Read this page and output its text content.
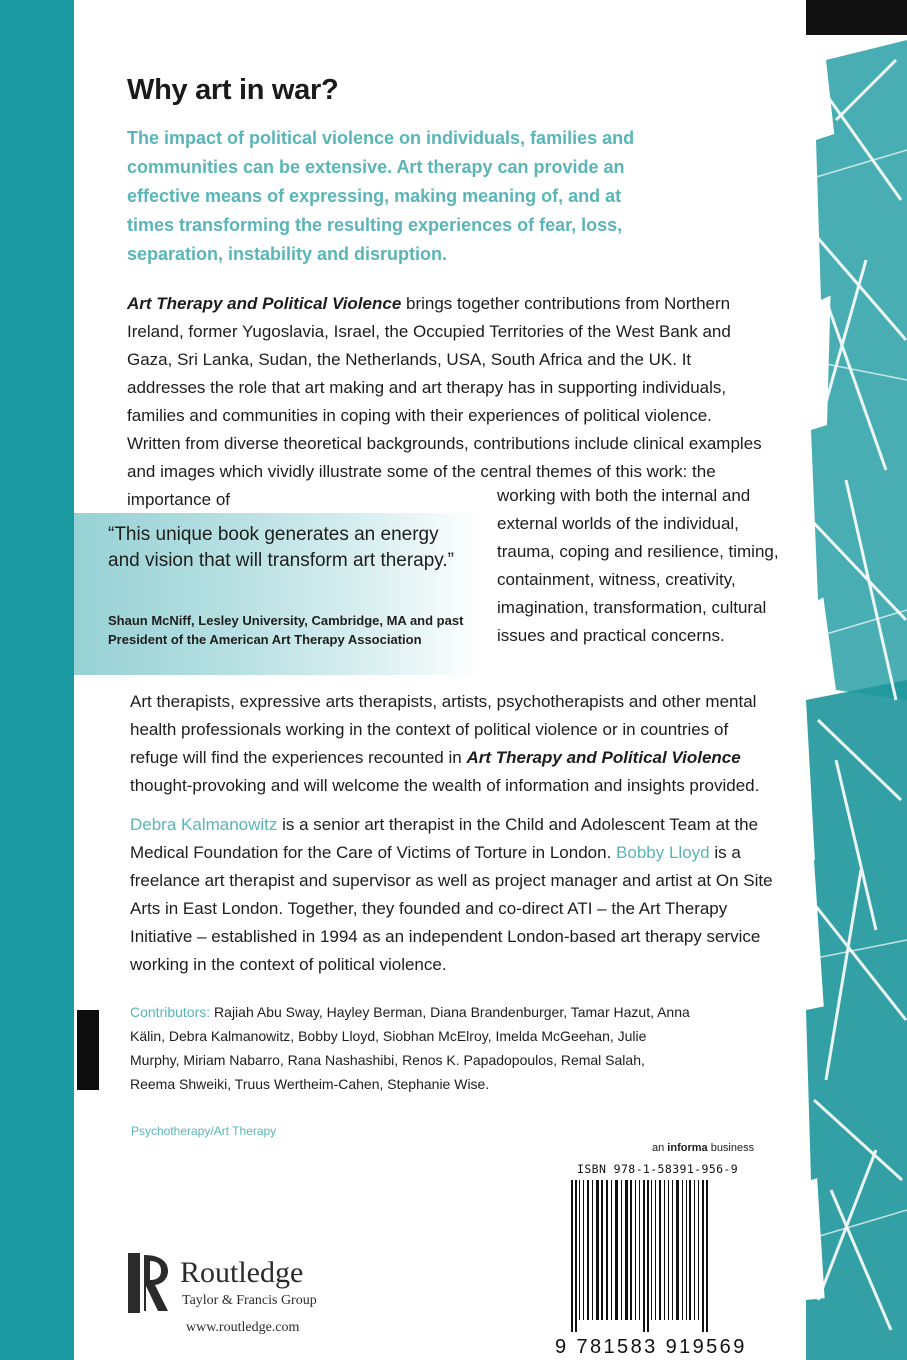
Why art in war?

The impact of political violence on individuals, families and communities can be extensive. Art therapy can provide an effective means of expressing, making meaning of, and at times transforming the resulting experiences of fear, loss, separation, instability and disruption.

Art Therapy and Political Violence brings together contributions from Northern Ireland, former Yugoslavia, Israel, the Occupied Territories of the West Bank and Gaza, Sri Lanka, Sudan, the Netherlands, USA, South Africa and the UK. It addresses the role that art making and art therapy has in supporting individuals, families and communities in coping with their experiences of political violence. Written from diverse theoretical backgrounds, contributions include clinical examples and images which vividly illustrate some of the central themes of this work: the importance of	working with both the internal and external worlds of the individual, trauma, coping and resilience, timing, containment, witness, creativity, imagination, transformation, cultural issues and practical concerns.

“This unique book generates an energy and vision that will transform art therapy.”

Shaun McNiff, Lesley University, Cambridge, MA and past President of the American Art Therapy Association

Art therapists, expressive arts therapists, artists, psychotherapists and other mental health professionals working in the context of political violence or in countries of refuge will find the experiences recounted in Art Therapy and Political Violence thought-provoking and will welcome the wealth of information and insights provided.

Debra Kalmanowitz is a senior art therapist in the Child and Adolescent Team at the Medical Foundation for the Care of Victims of Torture in London. Bobby Lloyd is a freelance art therapist and supervisor as well as project manager and artist at On Site Arts in East London. Together, they founded and co-direct ATI – the Art Therapy Initiative – established in 1994 as an independent London-based art therapy service working in the context of political violence.

Contributors: Rajiah Abu Sway, Hayley Berman, Diana Brandenburger, Tamar Hazut, Anna Kälin, Debra Kalmanowitz, Bobby Lloyd, Siobhan McElroy, Imelda McGeehan, Julie Murphy, Miriam Nabarro, Rana Nashashibi, Renos K. Papadopoulos, Remal Salah, Reema Shweiki, Truus Wertheim-Cahen, Stephanie Wise.

Psychotherapy/Art Therapy

an informa business

ISBN 978-1-58391-956-9

9 781583 919569

Routledge

Taylor & Francis Group

www.routledge.com
